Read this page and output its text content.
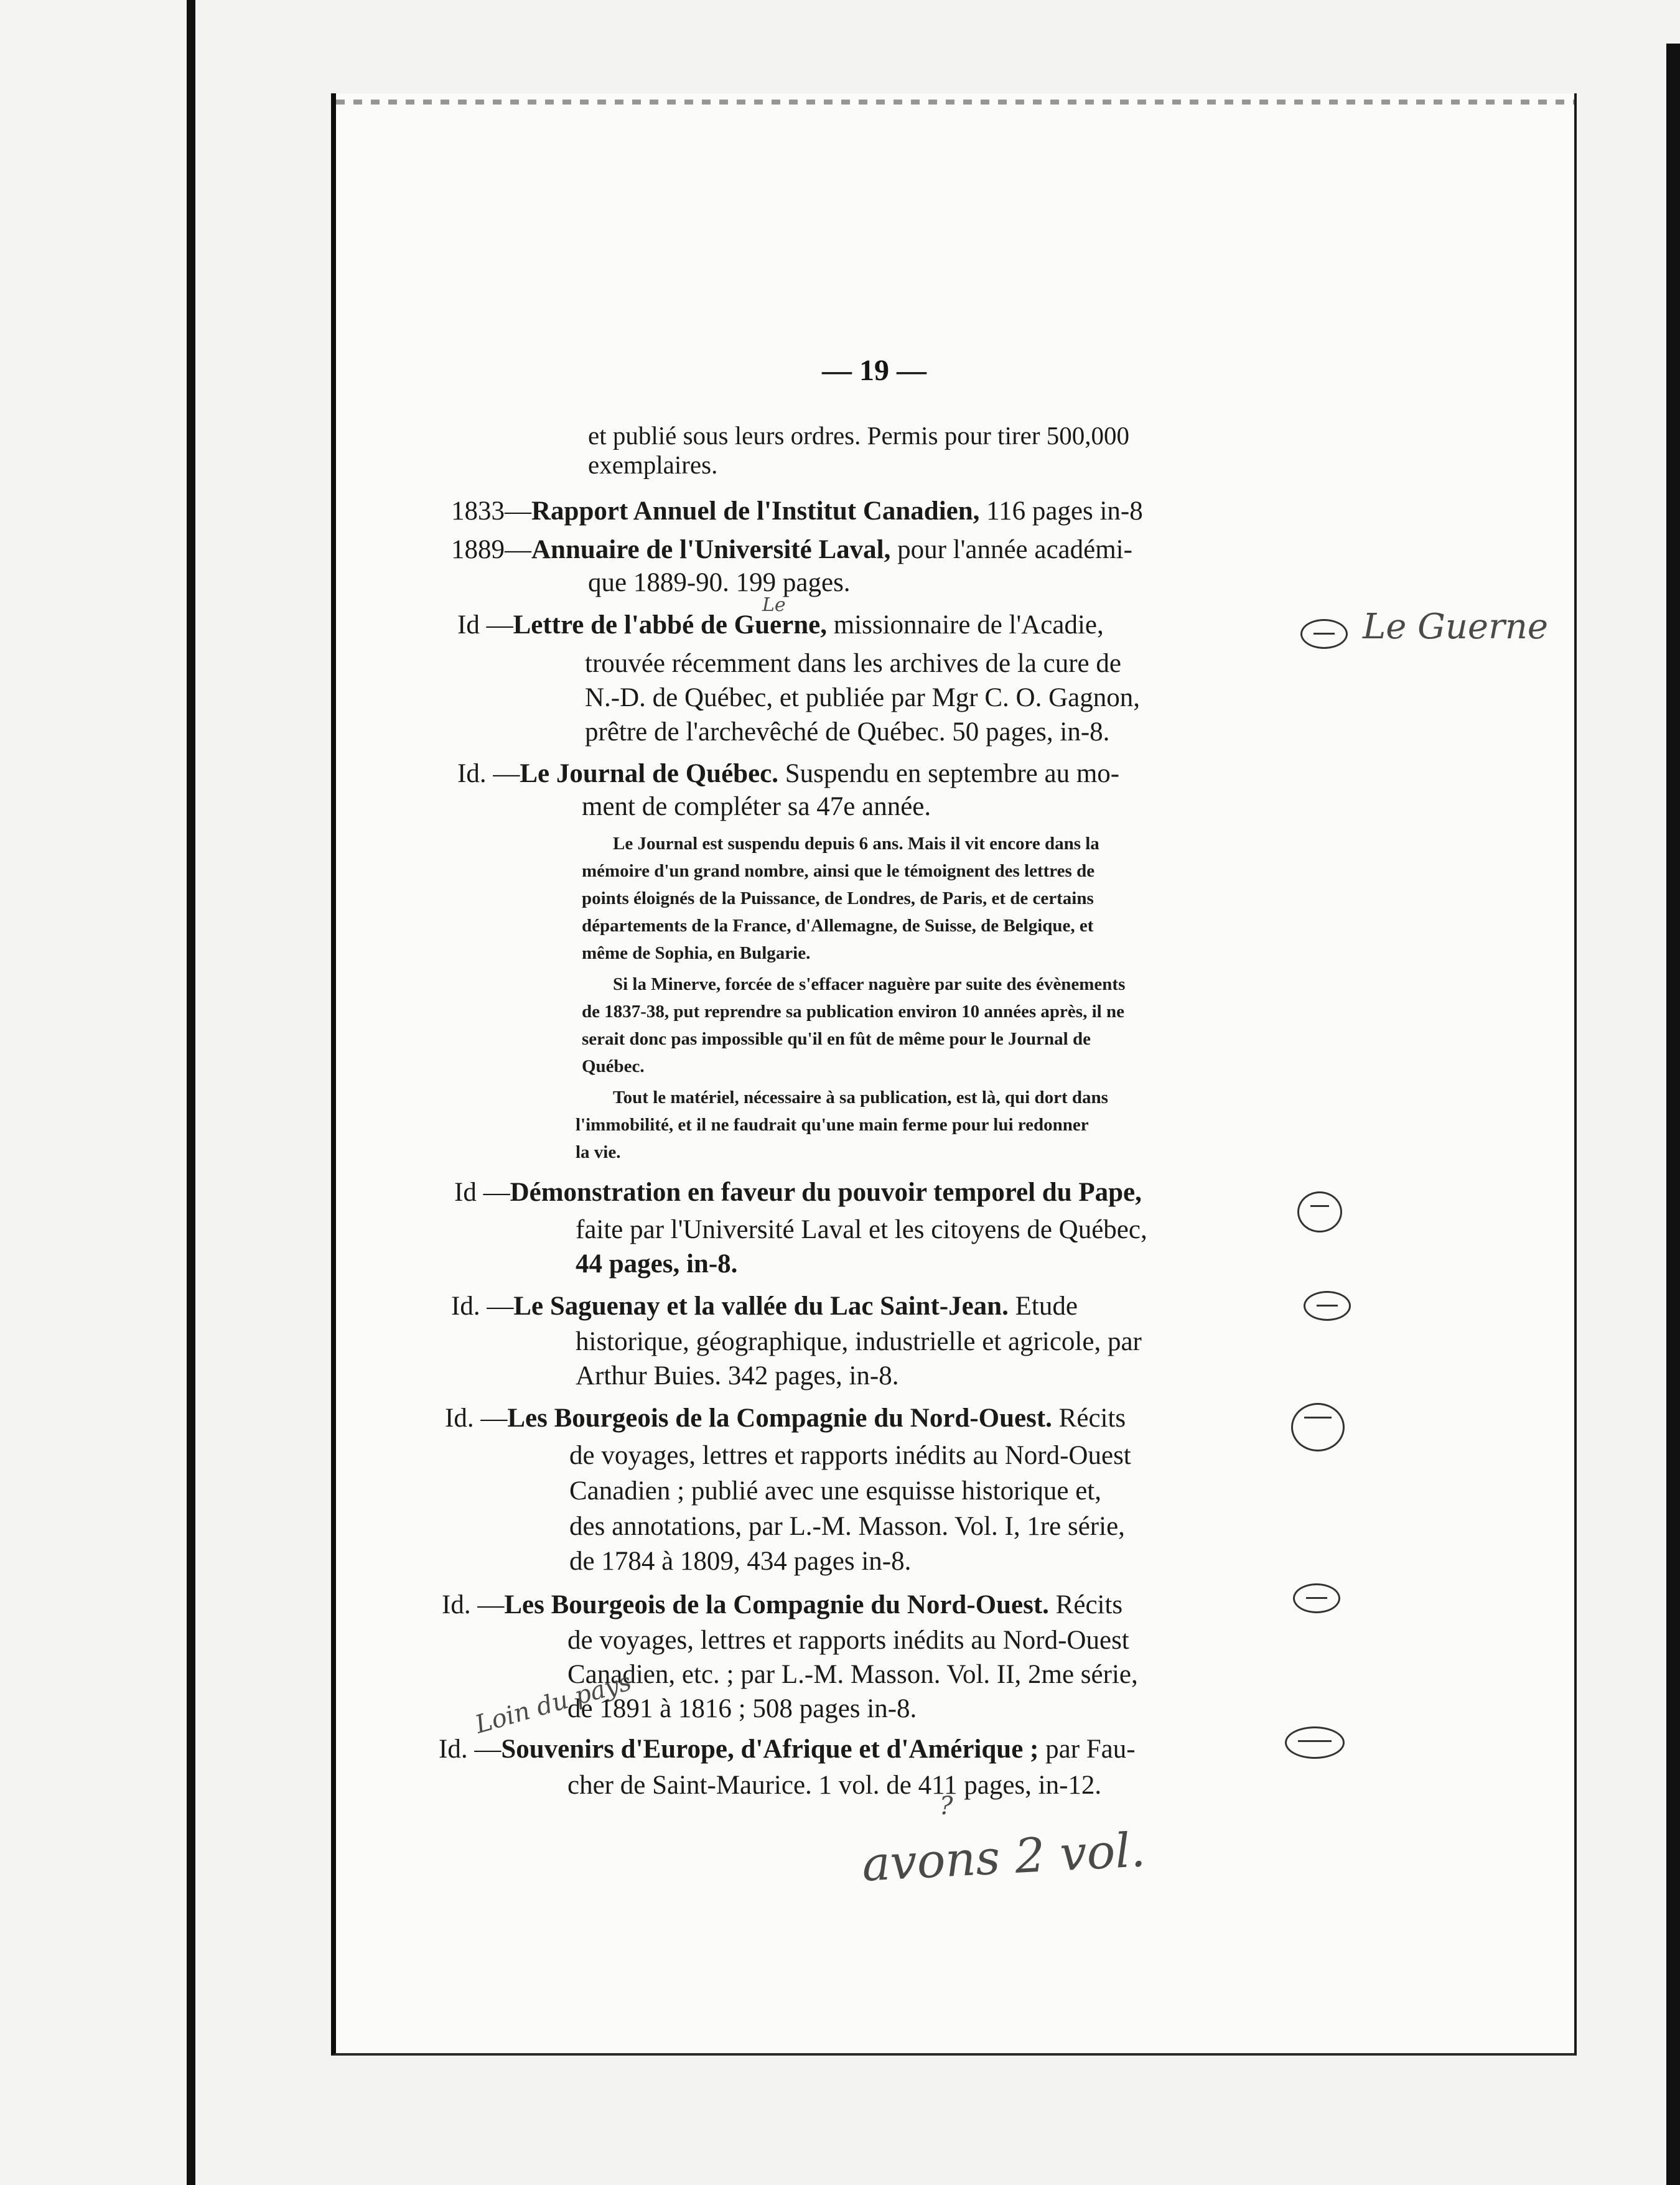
— 19 —
et publié sous leurs ordres. Permis pour tirer 500,000
exemplaires.
1833—Rapport Annuel de l'Institut Canadien, 116 pages in-8
1889—Annuaire de l'Université Laval, pour l'année académi-
que 1889-90. 199 pages.
Id —Lettre de l'abbé de Guerne, missionnaire de l'Acadie,
trouvée récemment dans les archives de la cure de
N.-D. de Québec, et publiée par Mgr C. O. Gagnon,
prêtre de l'archevêché de Québec. 50 pages, in-8.
Id. —Le Journal de Québec. Suspendu en septembre au mo-
ment de compléter sa 47e année.
Le Journal est suspendu depuis 6 ans. Mais il vit encore dans la
mémoire d'un grand nombre, ainsi que le témoignent des lettres de
points éloignés de la Puissance, de Londres, de Paris, et de certains
départements de la France, d'Allemagne, de Suisse, de Belgique, et
même de Sophia, en Bulgarie.
Si la Minerve, forcée de s'effacer naguère par suite des évènements
de 1837-38, put reprendre sa publication environ 10 années après, il ne
serait donc pas impossible qu'il en fût de même pour le Journal de
Québec.
Tout le matériel, nécessaire à sa publication, est là, qui dort dans
l'immobilité, et il ne faudrait qu'une main ferme pour lui redonner
la vie.
Id —Démonstration en faveur du pouvoir temporel du Pape,
faite par l'Université Laval et les citoyens de Québec,
44 pages, in-8.
Id. —Le Saguenay et la vallée du Lac Saint-Jean. Etude
historique, géographique, industrielle et agricole, par
Arthur Buies. 342 pages, in-8.
Id. —Les Bourgeois de la Compagnie du Nord-Ouest. Récits
de voyages, lettres et rapports inédits au Nord-Ouest
Canadien ; publié avec une esquisse historique et,
des annotations, par L.-M. Masson. Vol. I, 1re série,
de 1784 à 1809, 434 pages in-8.
Id. —Les Bourgeois de la Compagnie du Nord-Ouest. Récits
de voyages, lettres et rapports inédits au Nord-Ouest
Canadien, etc. ; par L.-M. Masson. Vol. II, 2me série,
de 1891 à 1816 ; 508 pages in-8.
Id. —Souvenirs d'Europe, d'Afrique et d'Amérique ; par Fau-
cher de Saint-Maurice. 1 vol. de 411 pages, in-12.
Le Guerne
Le
Loin du pays
?
avons 2 vol.
